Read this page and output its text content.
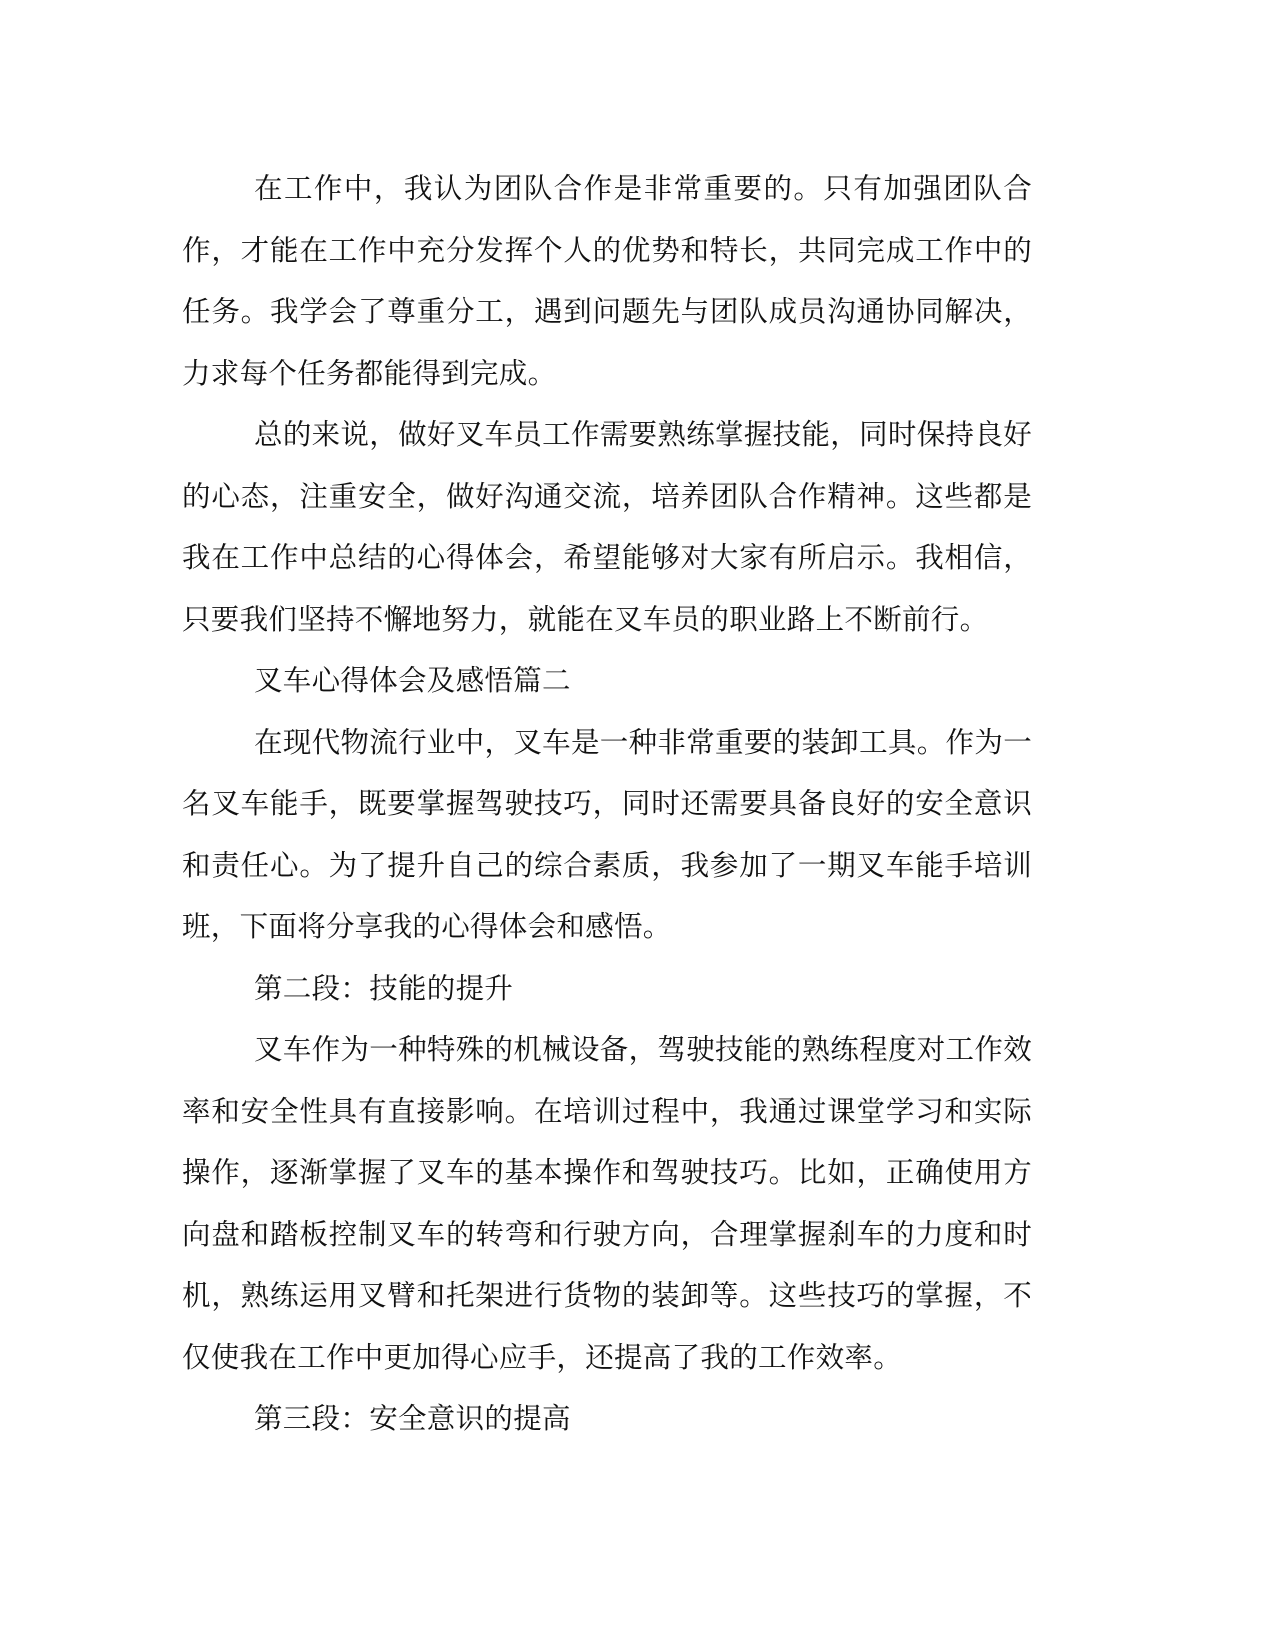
在工作中，我认为团队合作是非常重要的。只有加强团队合作，才能在工作中充分发挥个人的优势和特长，共同完成工作中的任务。我学会了尊重分工，遇到问题先与团队成员沟通协同解决，力求每个任务都能得到完成。

总的来说，做好叉车员工作需要熟练掌握技能，同时保持良好的心态，注重安全，做好沟通交流，培养团队合作精神。这些都是我在工作中总结的心得体会，希望能够对大家有所启示。我相信，只要我们坚持不懈地努力，就能在叉车员的职业路上不断前行。

叉车心得体会及感悟篇二

在现代物流行业中，叉车是一种非常重要的装卸工具。作为一名叉车能手，既要掌握驾驶技巧，同时还需要具备良好的安全意识和责任心。为了提升自己的综合素质，我参加了一期叉车能手培训班，下面将分享我的心得体会和感悟。

第二段：技能的提升

叉车作为一种特殊的机械设备，驾驶技能的熟练程度对工作效率和安全性具有直接影响。在培训过程中，我通过课堂学习和实际操作，逐渐掌握了叉车的基本操作和驾驶技巧。比如，正确使用方向盘和踏板控制叉车的转弯和行驶方向，合理掌握刹车的力度和时机，熟练运用叉臂和托架进行货物的装卸等。这些技巧的掌握，不仅使我在工作中更加得心应手，还提高了我的工作效率。

第三段：安全意识的提高
